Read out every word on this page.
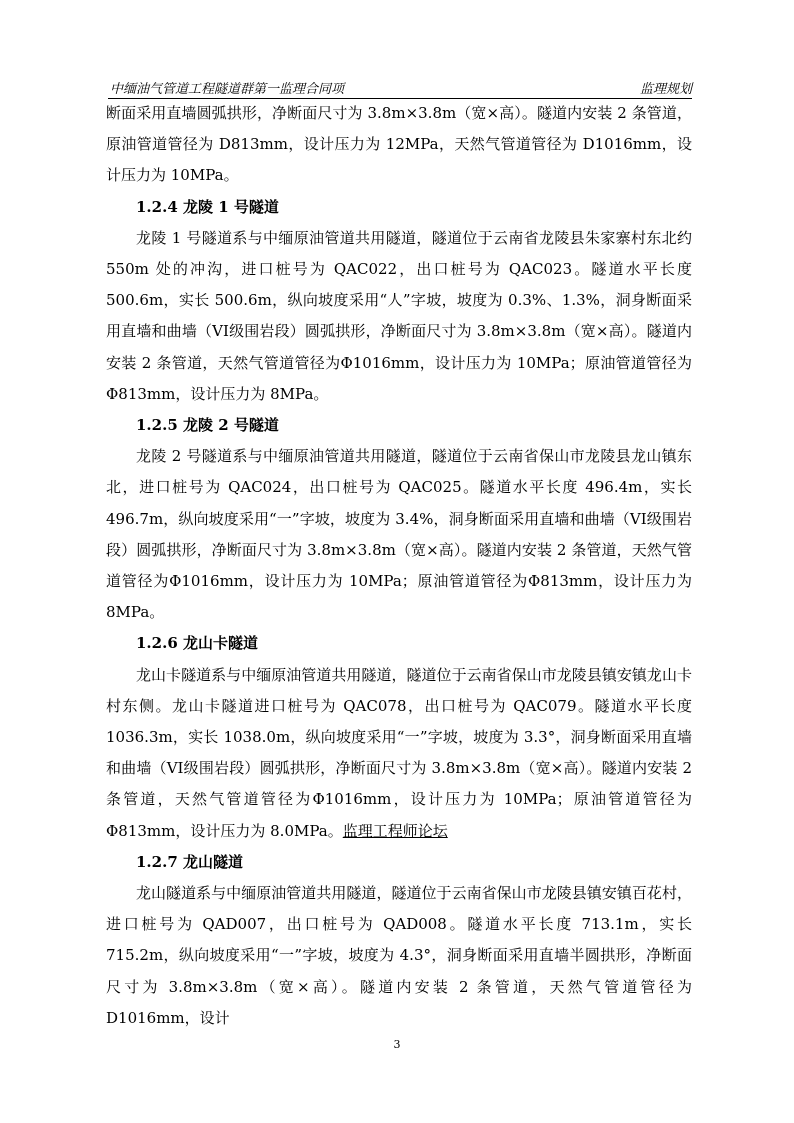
中缅油气管道工程隧道群第一监理合同项	监理规划

断面采用直墙圆弧拱形，净断面尺寸为 3.8m×3.8m（宽×高）。隧道内安装 2 条管道，原油管道管径为 D813mm，设计压力为 12MPa，天然气管道管径为 D1016mm，设计压力为 10MPa。

1.2.4 龙陵 1 号隧道

龙陵 1 号隧道系与中缅原油管道共用隧道，隧道位于云南省龙陵县朱家寨村东北约 550m 处的冲沟，进口桩号为 QAC022，出口桩号为 QAC023。隧道水平长度 500.6m，实长 500.6m，纵向坡度采用“人”字坡，坡度为 0.3%、1.3%，洞身断面采用直墙和曲墙（VI级围岩段）圆弧拱形，净断面尺寸为 3.8m×3.8m（宽×高）。隧道内安装 2 条管道，天然气管道管径为Φ1016mm，设计压力为 10MPa；原油管道管径为Φ813mm，设计压力为 8MPa。

1.2.5 龙陵 2 号隧道

龙陵 2 号隧道系与中缅原油管道共用隧道，隧道位于云南省保山市龙陵县龙山镇东北，进口桩号为 QAC024，出口桩号为 QAC025。隧道水平长度 496.4m，实长 496.7m，纵向坡度采用“一”字坡，坡度为 3.4%，洞身断面采用直墙和曲墙（VI级围岩段）圆弧拱形，净断面尺寸为 3.8m×3.8m（宽×高）。隧道内安装 2 条管道，天然气管道管径为Φ1016mm，设计压力为 10MPa；原油管道管径为Φ813mm，设计压力为 8MPa。

1.2.6 龙山卡隧道

龙山卡隧道系与中缅原油管道共用隧道，隧道位于云南省保山市龙陵县镇安镇龙山卡村东侧。龙山卡隧道进口桩号为 QAC078，出口桩号为 QAC079。隧道水平长度 1036.3m，实长 1038.0m，纵向坡度采用“一”字坡，坡度为 3.3°，洞身断面采用直墙和曲墙（VI级围岩段）圆弧拱形，净断面尺寸为 3.8m×3.8m（宽×高）。隧道内安装 2 条管道，天然气管道管径为Φ1016mm，设计压力为 10MPa；原油管道管径为Φ813mm，设计压力为 8.0MPa。监理工程师论坛

1.2.7 龙山隧道

龙山隧道系与中缅原油管道共用隧道，隧道位于云南省保山市龙陵县镇安镇百花村，进口桩号为 QAD007，出口桩号为 QAD008。隧道水平长度 713.1m，实长 715.2m，纵向坡度采用“一”字坡，坡度为 4.3°，洞身断面采用直墙半圆拱形，净断面尺寸为 3.8m×3.8m（宽×高）。隧道内安装 2 条管道，天然气管道管径为 D1016mm，设计

3
